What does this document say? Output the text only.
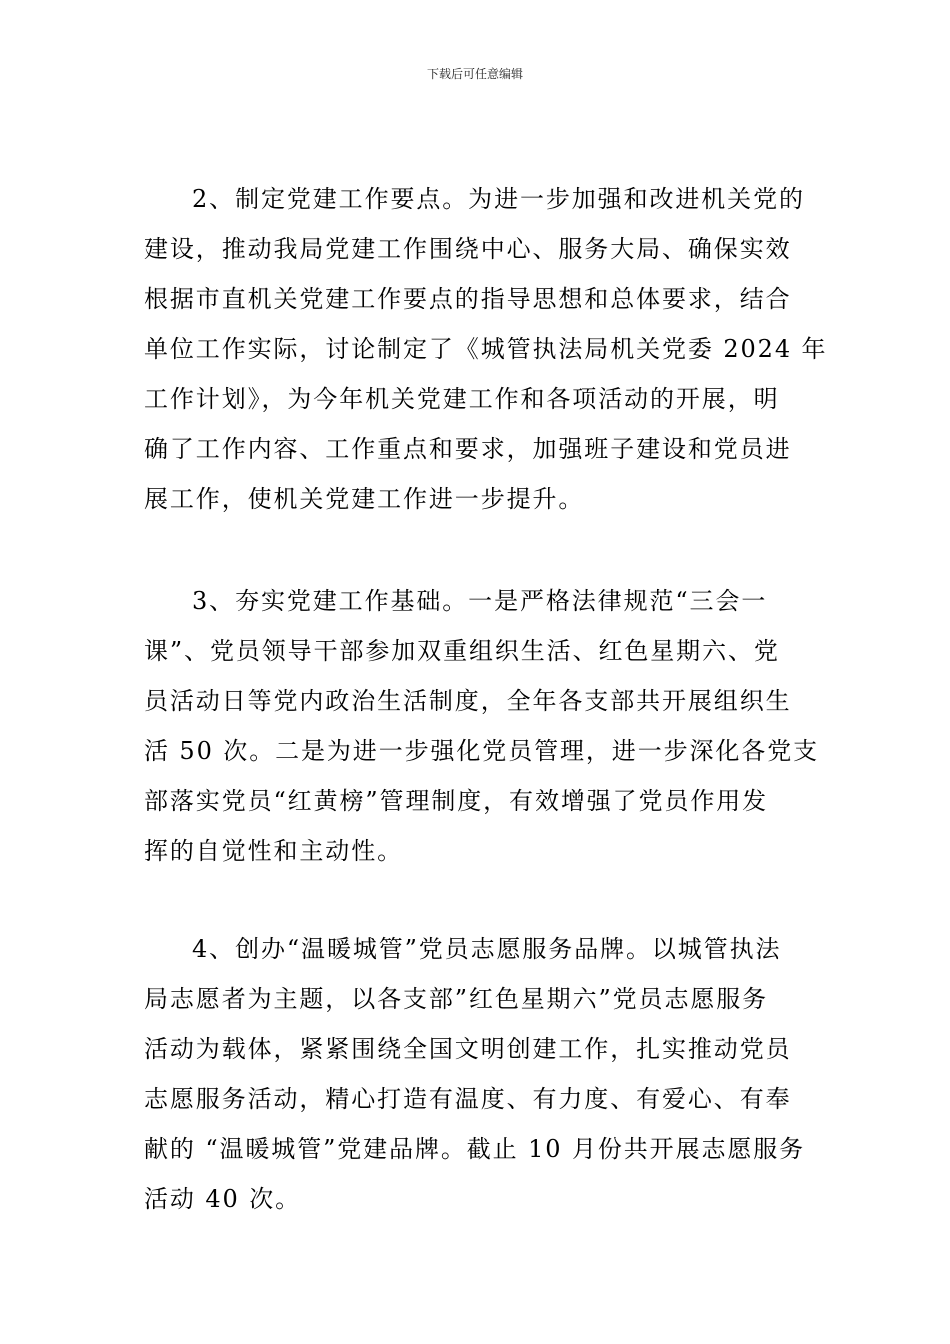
下载后可任意编辑
2、制定党建工作要点。为进一步加强和改进机关党的
建设，推动我局党建工作围绕中心、服务大局、确保实效
根据市直机关党建工作要点的指导思想和总体要求，结合
单位工作实际，讨论制定了《城管执法局机关党委 2024 年
工作计划》，为今年机关党建工作和各项活动的开展，明
确了工作内容、工作重点和要求，加强班子建设和党员进
展工作，使机关党建工作进一步提升。
3、夯实党建工作基础。一是严格法律规范“三会一
课”、党员领导干部参加双重组织生活、红色星期六、党
员活动日等党内政治生活制度，全年各支部共开展组织生
活 50 次。二是为进一步强化党员管理，进一步深化各党支
部落实党员“红黄榜”管理制度，有效增强了党员作用发
挥的自觉性和主动性。
4、创办“温暖城管”党员志愿服务品牌。以城管执法
局志愿者为主题，以各支部”红色星期六”党员志愿服务
活动为载体，紧紧围绕全国文明创建工作，扎实推动党员
志愿服务活动，精心打造有温度、有力度、有爱心、有奉
献的 “温暖城管”党建品牌。截止 10 月份共开展志愿服务
活动 40 次。
